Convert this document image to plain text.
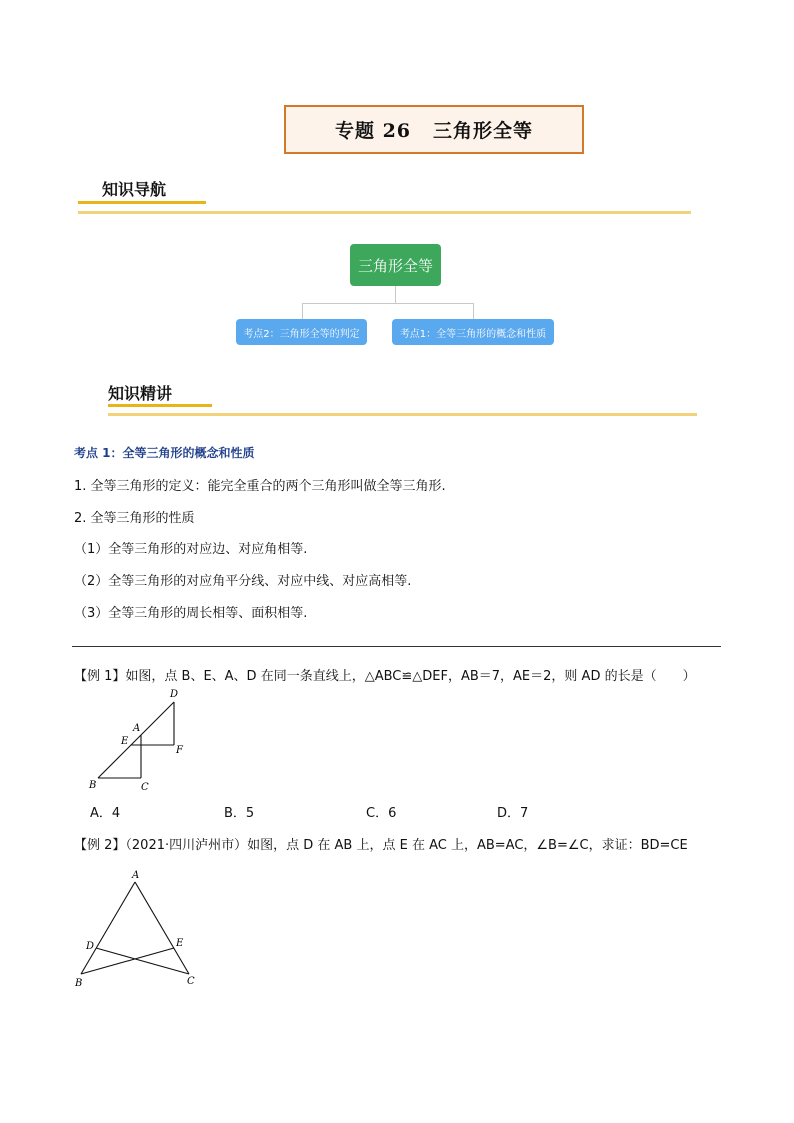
专题 26 三角形全等
知识导航
三角形全等
考点2：三角形全等的判定	考点1：全等三角形的概念和性质
知识精讲
考点 1：全等三角形的概念和性质
1. 全等三角形的定义：能完全重合的两个三角形叫做全等三角形.
2. 全等三角形的性质
（1）全等三角形的对应边、对应角相等.
（2）全等三角形的对应角平分线、对应中线、对应高相等.
（3）全等三角形的周长相等、面积相等.
【例 1】如图，点 B、E、A、D 在同一条直线上，△ABC≌△DEF，AB＝7，AE＝2，则 AD 的长是（　　）
D
A
E
F
B	C
A．4	B．5	C．6	D．7
【例 2】（2021·四川泸州市）如图，点 D 在 AB 上，点 E 在 AC 上，AB=AC，∠B=∠C，求证：BD=CE
A
D	E
B	C
